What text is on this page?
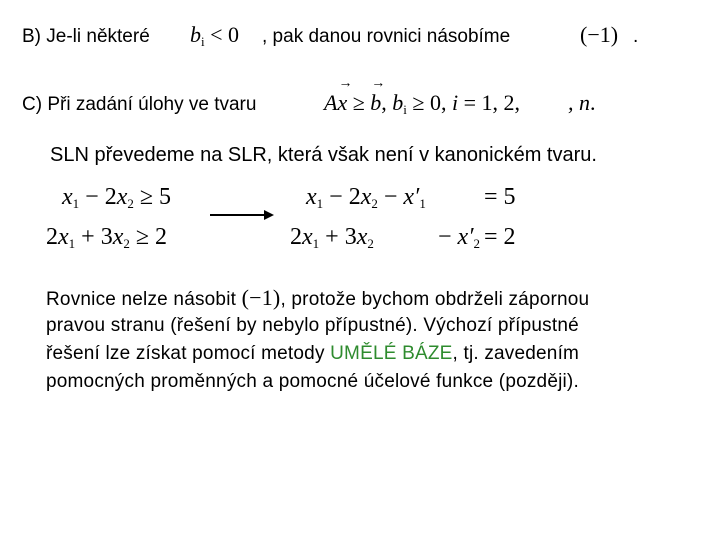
B) Je-li některé $b_i < 0$ , pak danou rovnici násobíme	(−1) .
C) Při zadání úlohy ve tvaru	Ax → ≥ b →, $b_i \ge 0$, i = 1, 2, , n.
SLN převedeme na SLR, která však není v kanonickém tvaru.
$x_1 - 2x_2 \ge 5$
$2x_1 + 3x_2 \ge 2$
$x_1 - 2x_2 - x'_1 = 5$
$2x_1 + 3x_2$	− $x'_2 = 2$
Rovnice nelze násobit (−1), protože bychom obdrželi zápornou
pravou stranu (řešení by nebylo přípustné). Výchozí přípustné
řešení lze získat pomocí metody UMĚLÉ BÁZE, tj. zavedením
pomocných proměnných a pomocné účelové funkce (později).
